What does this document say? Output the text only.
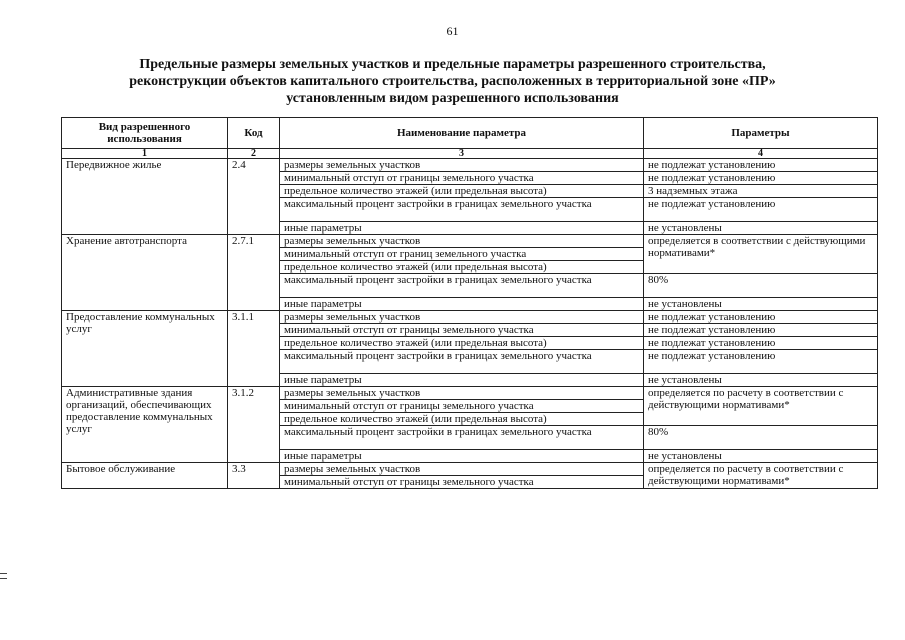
61
Предельные размеры земельных участков и предельные параметры разрешенного строительства, реконструкции объектов капитального строительства, расположенных в территориальной зоне «ПР» установленным видом разрешенного использования
Вид разрешенного использования	Код	Наименование параметра	Параметры
1	2	3	4
Передвижное жилье	2.4	размеры земельных участков	не подлежат установлению
		минимальный отступ от границы земельного участка	не подлежат установлению
		предельное количество этажей (или предельная высота)	3 надземных этажа
		максимальный процент застройки в границах земельного участка	не подлежат установлению
		иные параметры	не установлены
Хранение автотранспорта	2.7.1	размеры земельных участков	определяется в соответствии с действующими нормативами*
		минимальный отступ от границ земельного участка	
		предельное количество этажей (или предельная высота)	
		максимальный процент застройки в границах земельного участка	80%
		иные параметры	не установлены
Предоставление коммунальных услуг	3.1.1	размеры земельных участков	не подлежат установлению
		минимальный отступ от границы земельного участка	не подлежат установлению
		предельное количество этажей (или предельная высота)	не подлежат установлению
		максимальный процент застройки в границах земельного участка	не подлежат установлению
		иные параметры	не установлены
Административные здания организаций, обеспечивающих предоставление коммунальных услуг	3.1.2	размеры земельных участков	определяется по расчету в соответствии с действующими нормативами*
		минимальный отступ от границы земельного участка	
		предельное количество этажей (или предельная высота)	
		максимальный процент застройки в границах земельного участка	80%
		иные параметры	не установлены
Бытовое обслуживание	3.3	размеры земельных участков	определяется по расчету в соответствии с действующими нормативами*
		минимальный отступ от границы земельного участка	
